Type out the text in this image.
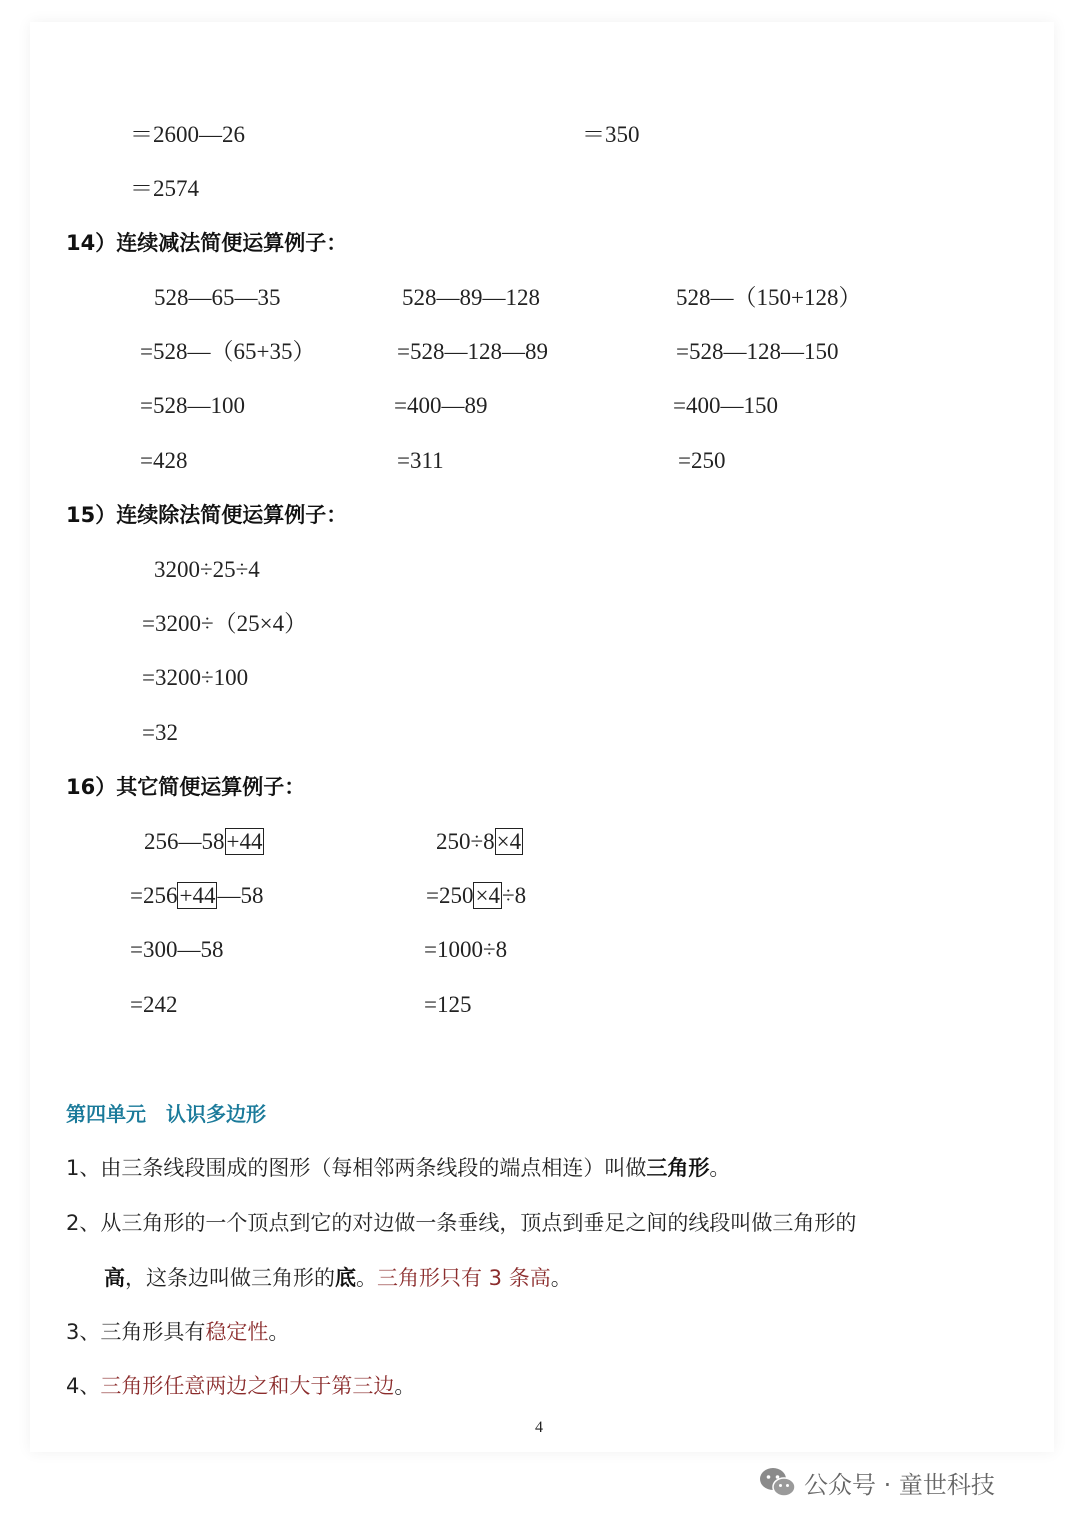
＝2600—26
＝2574
＝350
14）连续减法简便运算例子：
528—65—35
=528—（65+35）
=528—100
=428
528—89—128
=528—128—89
=400—89
=311
528—（150+128）
=528—128—150
=400—150
=250
15）连续除法简便运算例子：
3200÷25÷4
=3200÷（25×4）
=3200÷100
=32
16）其它简便运算例子：
256—58+44
=256+44—58
=300—58
=242
250÷8×4
=250×4÷8
=1000÷8
=125
第四单元　认识多边形
1、由三条线段围成的图形（每相邻两条线段的端点相连）叫做三角形。
2、从三角形的一个顶点到它的对边做一条垂线，顶点到垂足之间的线段叫做三角形的
高，这条边叫做三角形的底。三角形只有 3 条高。
3、三角形具有稳定性。
4、三角形任意两边之和大于第三边。
4
公众号 · 童世科技
